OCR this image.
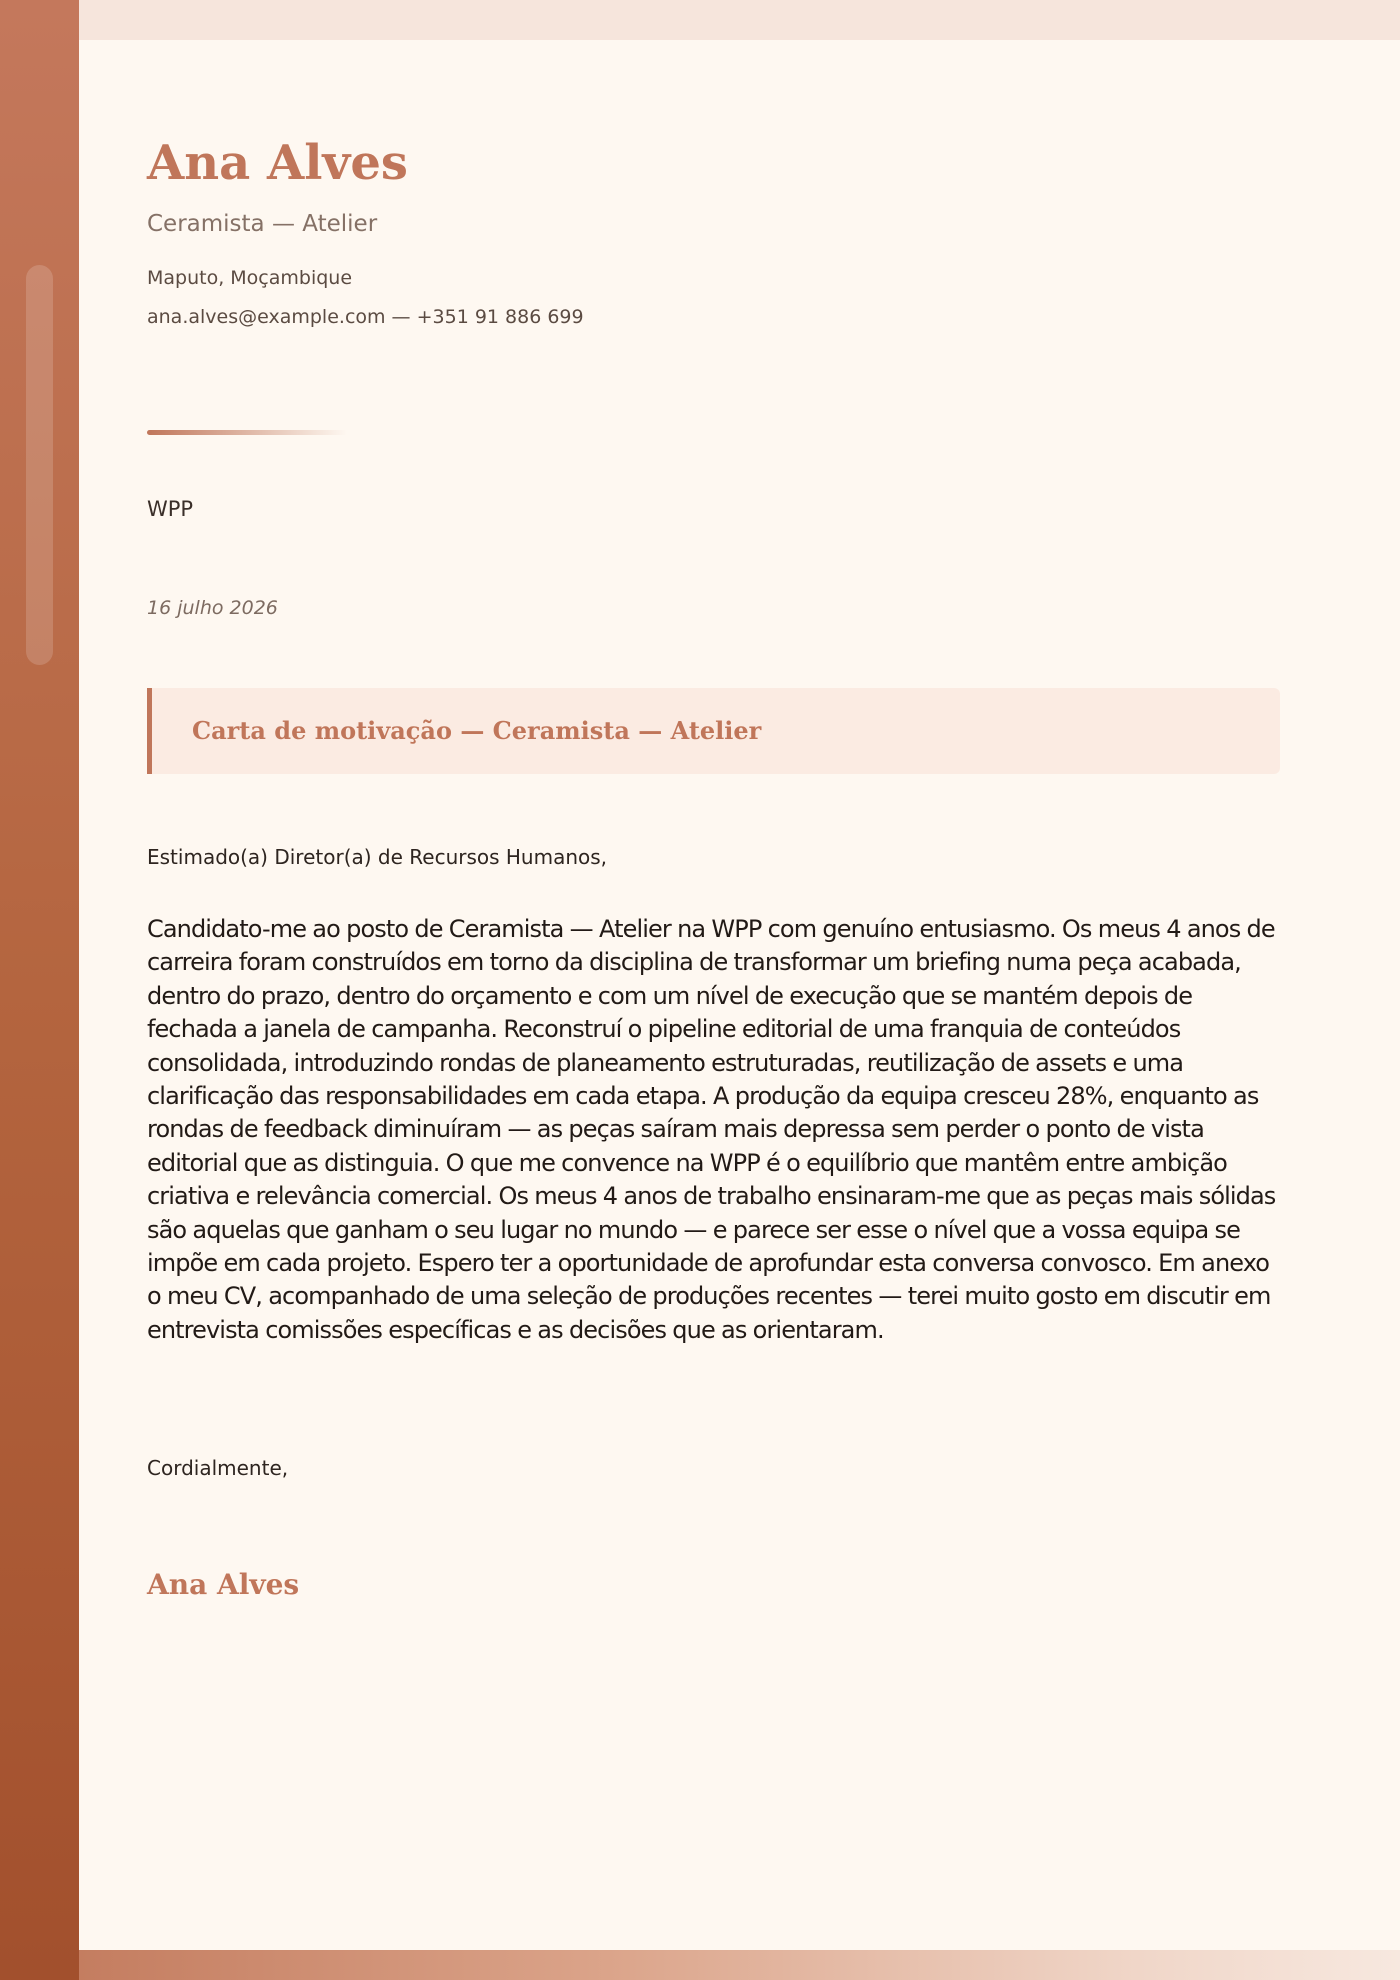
Ana Alves
Ceramista — Atelier
Maputo, Moçambique
ana.alves@example.com — +351 91 886 699
WPP
16 julho 2026
Carta de motivação — Ceramista — Atelier
Estimado(a) Diretor(a) de Recursos Humanos,

Candidato-me ao posto de Ceramista — Atelier na WPP com genuíno entusiasmo. Os meus 4 anos de carreira foram construídos em torno da disciplina de transformar um briefing numa peça acabada, dentro do prazo, dentro do orçamento e com um nível de execução que se mantém depois de fechada a janela de campanha. Reconstruí o pipeline editorial de uma franquia de conteúdos consolidada, introduzindo rondas de planeamento estruturadas, reutilização de assets e uma clarificação das responsabilidades em cada etapa. A produção da equipa cresceu 28%, enquanto as rondas de feedback diminuíram — as peças saíram mais depressa sem perder o ponto de vista editorial que as distinguia. O que me convence na WPP é o equilíbrio que mantêm entre ambição criativa e relevância comercial. Os meus 4 anos de trabalho ensinaram-me que as peças mais sólidas são aquelas que ganham o seu lugar no mundo — e parece ser esse o nível que a vossa equipa se impõe em cada projeto. Espero ter a oportunidade de aprofundar esta conversa convosco. Em anexo o meu CV, acompanhado de uma seleção de produções recentes — terei muito gosto em discutir em entrevista comissões específicas e as decisões que as orientaram.

Cordialmente,
Ana Alves
